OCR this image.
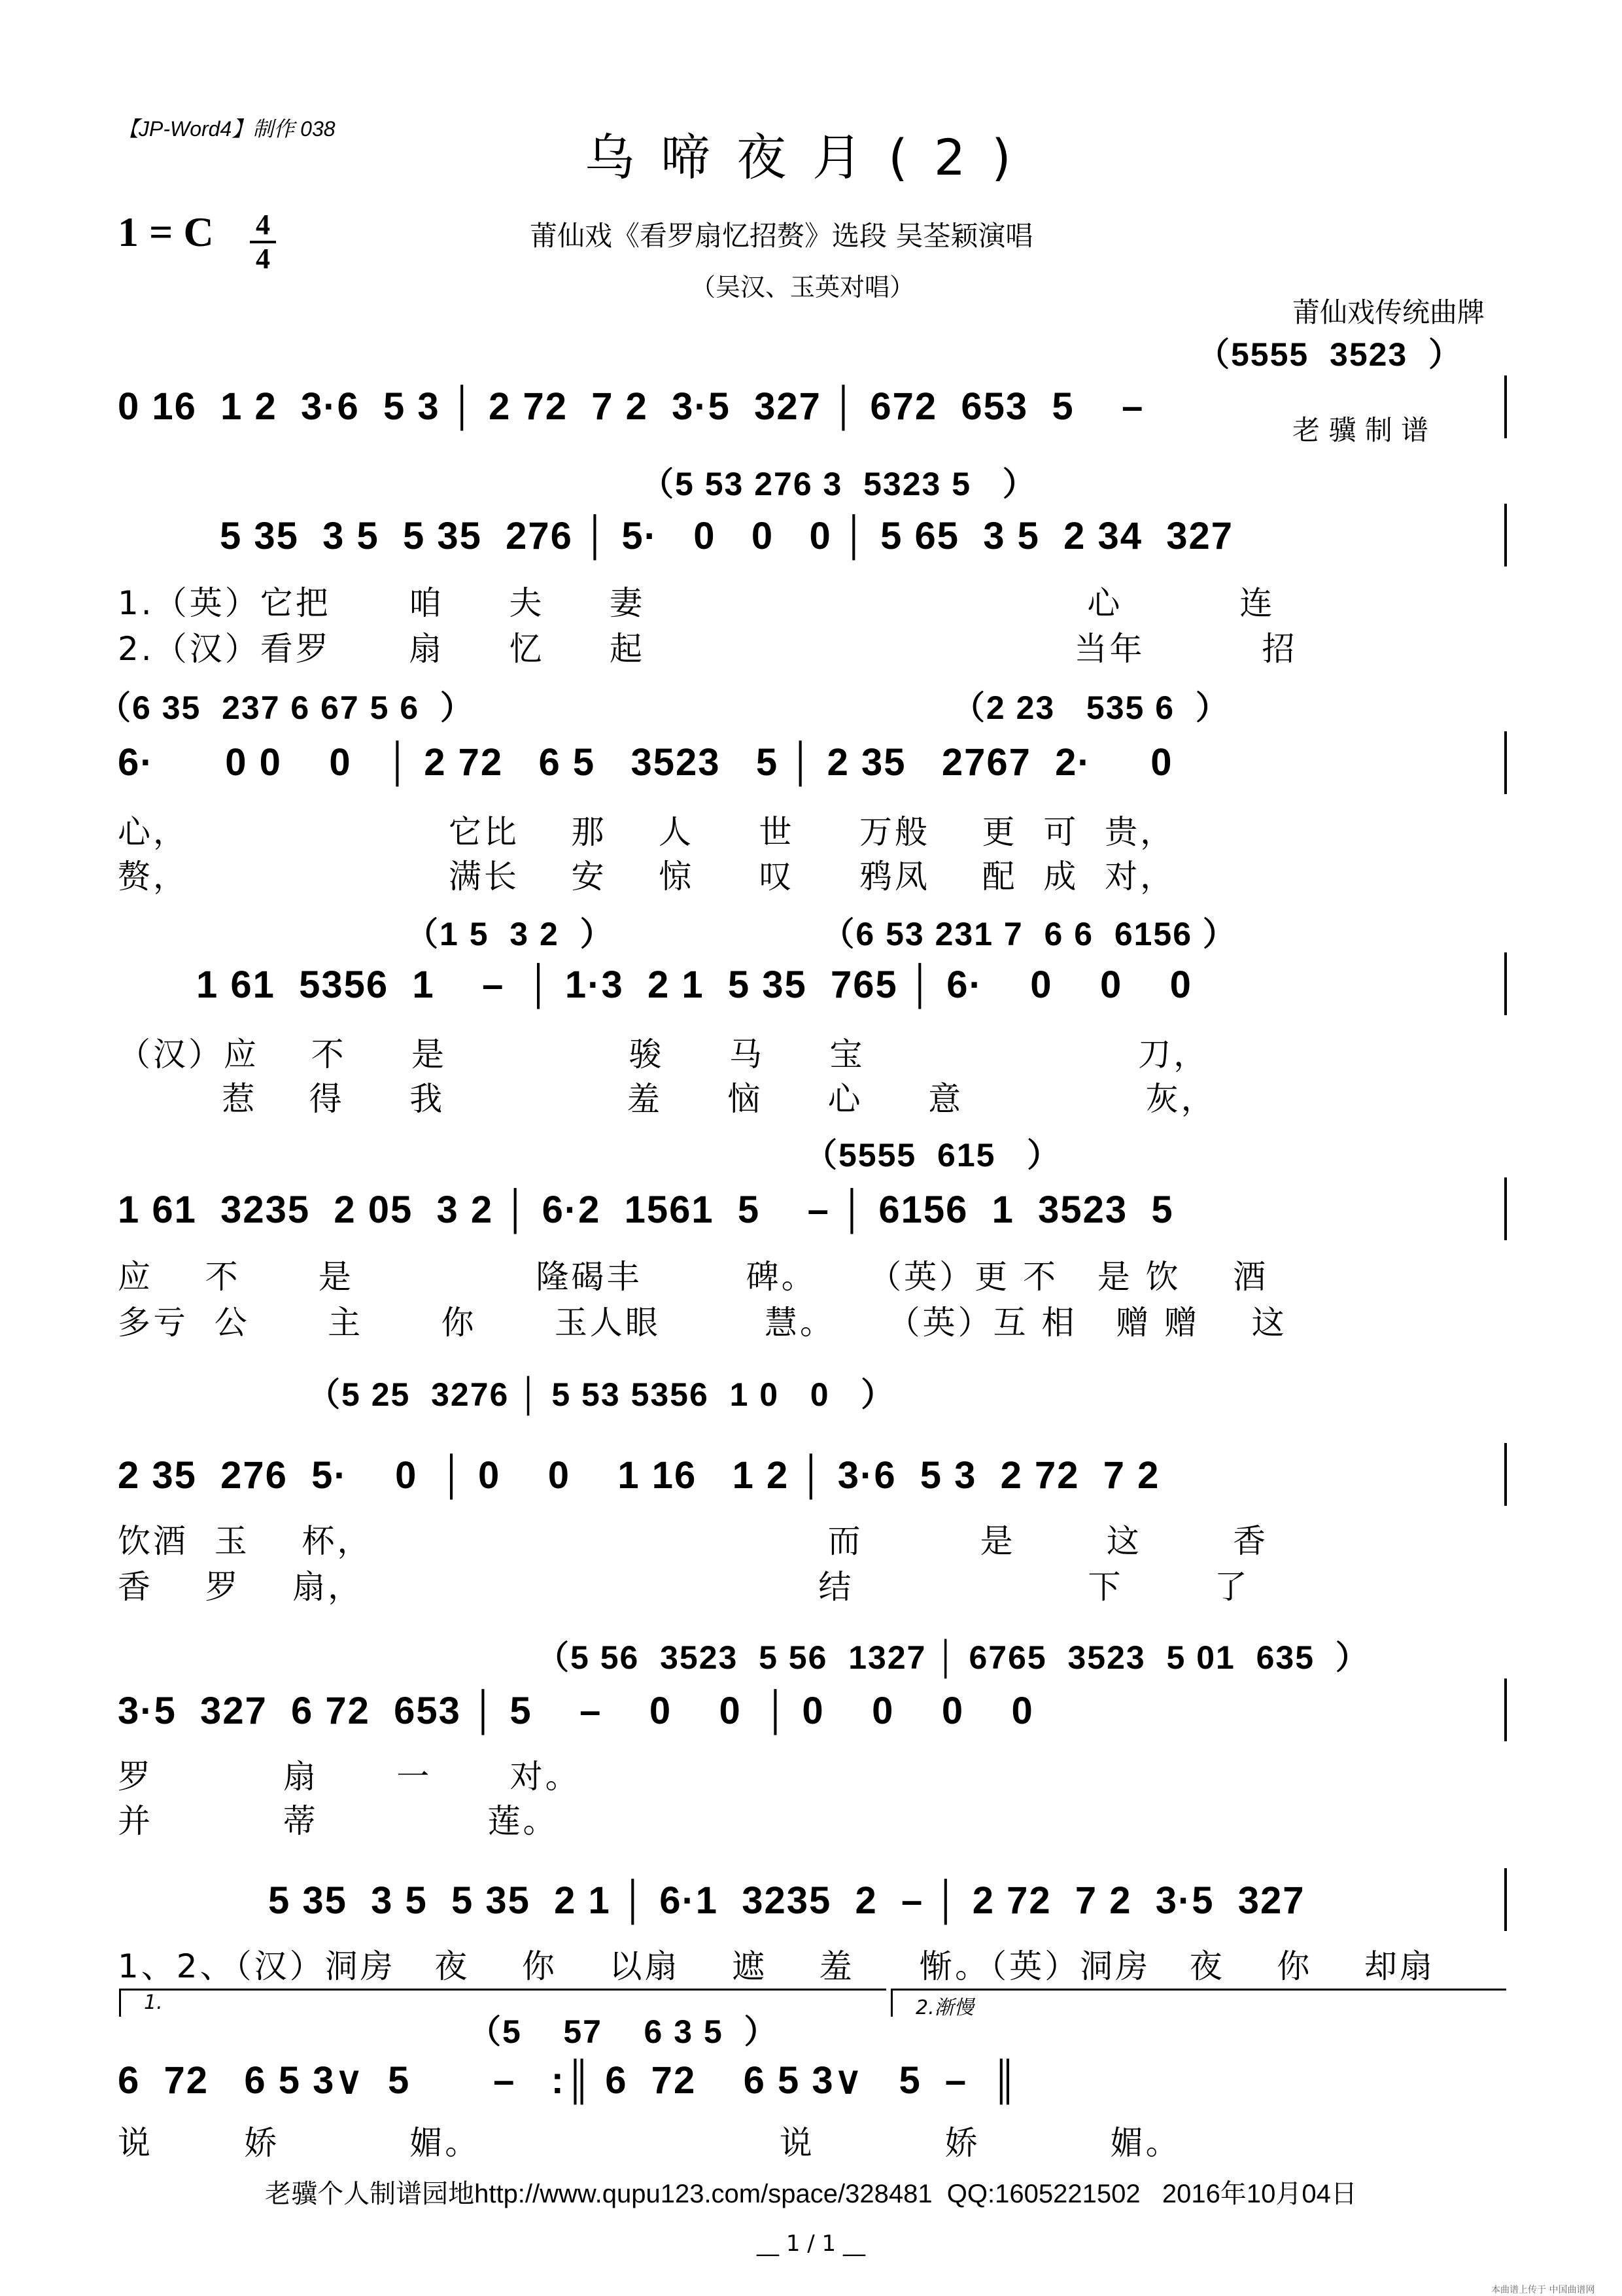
【JP-Word4】制作 038	乌啼夜月(2)
1 = C 4
4
莆仙戏《看罗扇忆招赘》选段 吴荃颖演唱
（吴汉、玉英对唱）

莆仙戏传统曲牌

老 骥 制 谱

（5555  3523  ）
0 16  1 2  3·6  5 3 │ 2 72  7 2  3·5  327 │ 672  653  5    –
（5 53 276 3  5323 5   ）
5 35  3 5  5 35  276 │ 5·   0   0   0 │ 5 65  3 5  2 34  327
1.（英）它把      咱     夫     妻                                  心         连
2.（汉）看罗      扇     忆     起                                 当年         招
（6 35  237 6 67 5 6  ）                                              （2 23   535 6  ）
6·      0 0    0   │ 2 72   6 5   3523   5 │ 2 35   2767  2·     0
心，                    它比    那    人     世     万般    更  可  贵，
赘，                    满长    安    惊     叹     鸦凤    配  成  对，
（1 5  3 2  ）                    （6 53 231 7  6 6  6156 ）
1 61  5356  1    –  │ 1·3  2 1  5 35  765 │ 6·    0    0    0
（汉）应    不     是              骏     马     宝                     刀，
惹    得     我              羞     恼     心     意              灰，
（5555  615   ）
1 61  3235  2 05  3 2 │ 6·2  1561  5    – │ 6156  1  3523  5
应    不      是              隆碣丰        碑。    （英）更 不   是 饮    酒
多亏  公      主      你      玉人眼        慧。    （英）互 相   赠 赠    这
（5 25  3276 │ 5 53 5356  1 0   0   ）
2 35  276  5·    0  │ 0    0    1 16   1 2 │ 3·6  5 3  2 72  7 2
饮酒  玉    杯，                                   而         是       这       香
香    罗    扇，                                   结                  下       了
（5 56  3523  5 56  1327 │ 6765  3523  5 01  635  ）
3·5  327  6 72  653 │ 5    –    0    0  │ 0    0    0    0
罗          扇      一      对。
并          蒂             莲。
5 35  3 5  5 35  2 1 │ 6·1  3235  2  – │ 2 72  7 2  3·5  327
1、2、（汉）洞房   夜    你    以扇    遮    羞     惭。（英）洞房   夜    你    却扇
1.	2.渐慢
（5    57    6 3 5  ）
6  72   6 5 3∨  5       –   :║ 6  72    6 5 3∨   5  –  ║
说       娇          媚。                       说          娇          媚。
老骥个人制谱园地http://www.qupu123.com/space/328481  QQ:1605221502   2016年10月04日
__ 1 / 1 __
本曲谱上传于 中国曲谱网
